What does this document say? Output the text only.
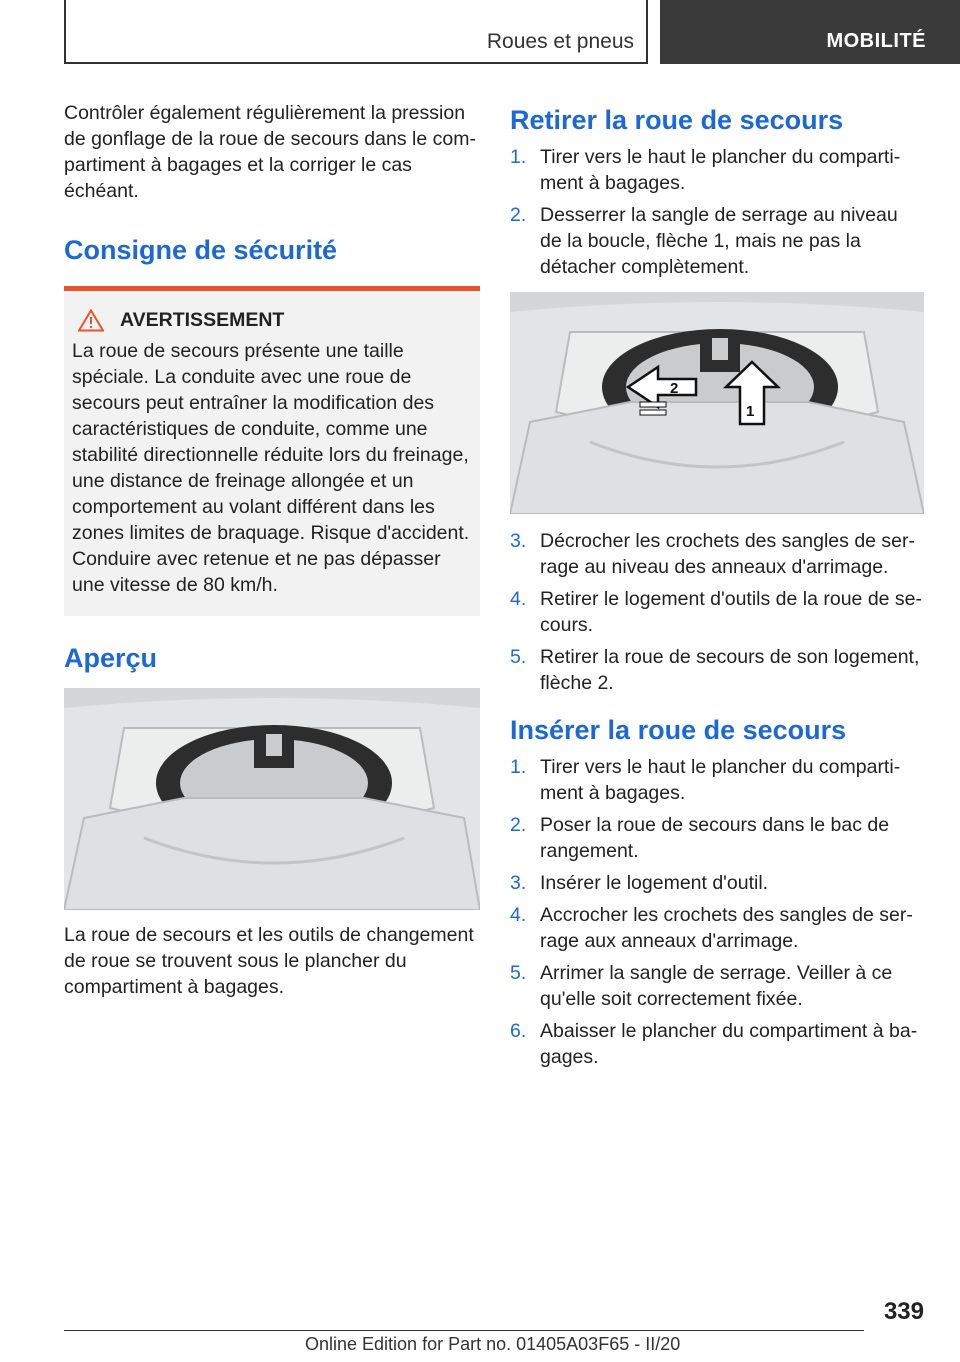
Roues et pneus	MOBILITÉ

Contrôler également régulièrement la pression de gonflage de la roue de secours dans le compartiment à bagages et la corriger le cas échéant.

Consigne de sécurité
AVERTISSEMENT

La roue de secours présente une taille spéciale. La conduite avec une roue de secours peut entraîner la modification des caractéristiques de conduite, comme une stabilité directionnelle réduite lors du freinage, une distance de freinage allongée et un comportement au volant différent dans les zones limites de braquage. Risque d'accident. Conduire avec retenue et ne pas dépasser une vitesse de 80 km/h.

Aperçu

La roue de secours et les outils de changement de roue se trouvent sous le plancher du compartiment à bagages.

Retirer la roue de secours
1. Tirer vers le haut le plancher du compartiment à bagages.
2. Desserrer la sangle de serrage au niveau de la boucle, flèche 1, mais ne pas la détacher complètement.
2
1
3. Décrocher les crochets des sangles de serrage au niveau des anneaux d'arrimage.
4. Retirer le logement d'outils de la roue de secours.
5. Retirer la roue de secours de son logement, flèche 2.
Insérer la roue de secours
1. Tirer vers le haut le plancher du compartiment à bagages.
2. Poser la roue de secours dans le bac de rangement.
3. Insérer le logement d'outil.
4. Accrocher les crochets des sangles de serrage aux anneaux d'arrimage.
5. Arrimer la sangle de serrage. Veiller à ce qu'elle soit correctement fixée.
6. Abaisser le plancher du compartiment à bagages.
339
Online Edition for Part no. 01405A03F65 - II/20
